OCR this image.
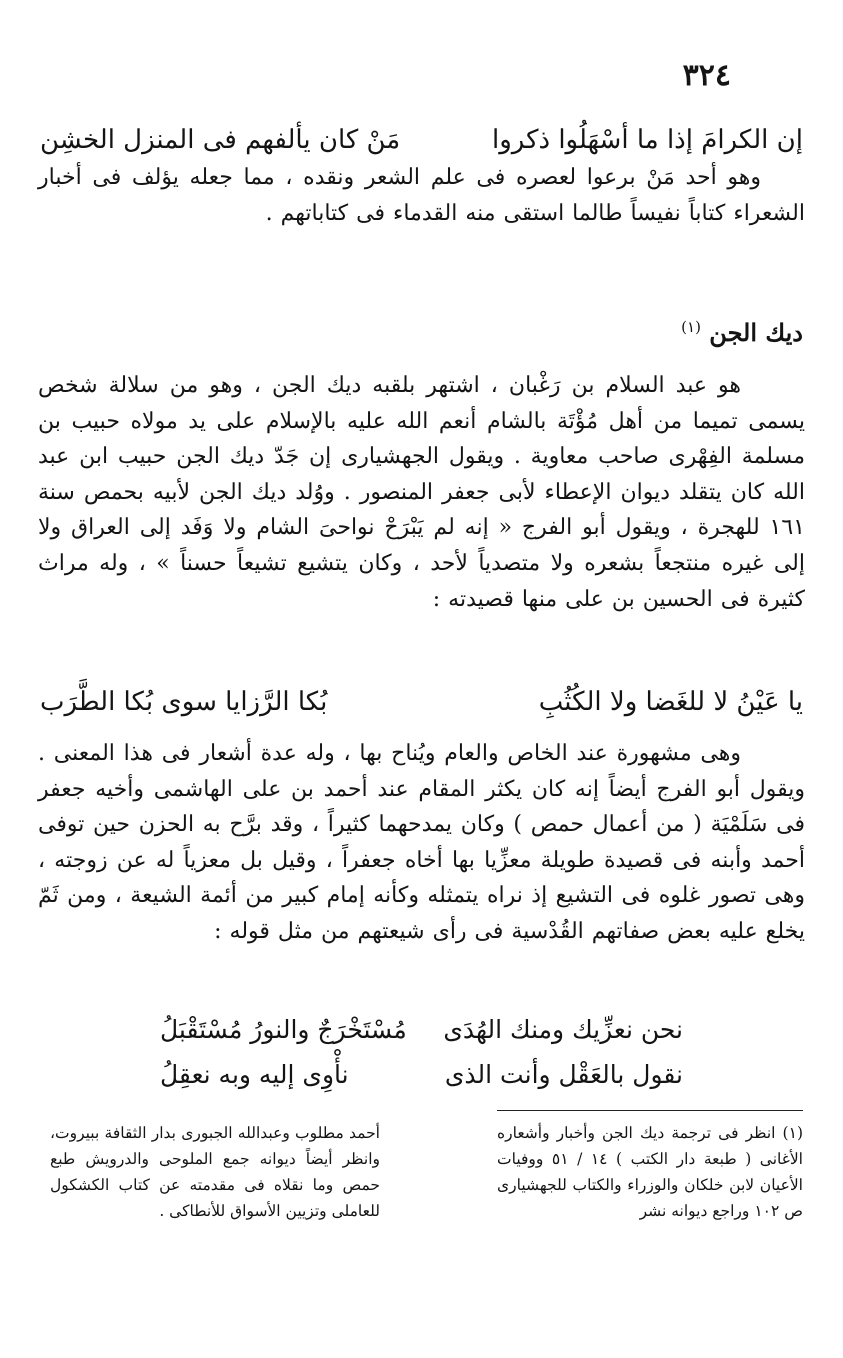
٣٢٤
إن الكرامَ إذا ما أسْهَلُوا ذكروا
مَنْ كان يألفهم فى المنزل الخشِن

وهو أحد مَنْ برعوا لعصره فى علم الشعر ونقده ، مما جعله يؤلف فى أخبار الشعراء كتاباً نفيساً طالما استقى منه القدماء فى كتاباتهم .

ديك الجن $^{(١)}$

هو عبد السلام بن رَغْبان ، اشتهر بلقبه ديك الجن ، وهو من سلالة شخص يسمى تميما من أهل مُؤْتَة بالشام أنعم الله عليه بالإسلام على يد مولاه حبيب بن مسلمة الفِهْرى صاحب معاوية . ويقول الجهشيارى إن جَدّ ديك الجن حبيب ابن عبد الله كان يتقلد ديوان الإعطاء لأبى جعفر المنصور . ووُلد ديك الجن لأبيه بحمص سنة ١٦١ للهجرة ، ويقول أبو الفرج « إنه لم يَبْرَحْ نواحىَ الشام ولا وَفَد إلى العراق ولا إلى غيره منتجعاً بشعره ولا متصدياً لأحد ، وكان يتشيع تشيعاً حسناً » ، وله مراث كثيرة فى الحسين بن على منها قصيدته :

يا عَيْنُ لا للغَضا ولا الكُثُبِ
بُكا الرَّزايا سوى بُكا الطَّرَب

وهى مشهورة عند الخاص والعام ويُناح بها ، وله عدة أشعار فى هذا المعنى . ويقول أبو الفرج أيضاً إنه كان يكثر المقام عند أحمد بن على الهاشمى وأخيه جعفر فى سَلَمْيَة ( من أعمال حمص ) وكان يمدحهما كثيراً ، وقد برَّح به الحزن حين توفى أحمد وأبنه فى قصيدة طويلة معزِّيا بها أخاه جعفراً ، وقيل بل معزياً له عن زوجته ، وهى تصور غلوه فى التشيع إذ نراه يتمثله وكأنه إمام كبير من أئمة الشيعة ، ومن ثَمّ يخلع عليه بعض صفاتهم القُدْسية فى رأى شيعتهم من مثل قوله :

نحن نعزِّيك ومنك الهُدَى
مُسْتَخْرَجٌ والنورُ مُسْتَقْبَلُ
نقول بالعَقْل وأنت الذى
نأْوِى إليه وبه نعقِلُ
(١) انظر فى ترجمة ديك الجن وأخبار وأشعاره الأغانى ( طبعة دار الكتب ) ١٤ / ٥١ ووفيات الأعيان لابن خلكان والوزراء والكتاب للجهشيارى ص ١٠٢ وراجع ديوانه نشر
أحمد مطلوب وعبدالله الجبورى بدار الثقافة ببيروت، وانظر أيضاً ديوانه جمع الملوحى والدرويش طبع حمص وما نقلاه فى مقدمته عن كتاب الكشكول للعاملى وتزيين الأسواق للأنطاكى .
